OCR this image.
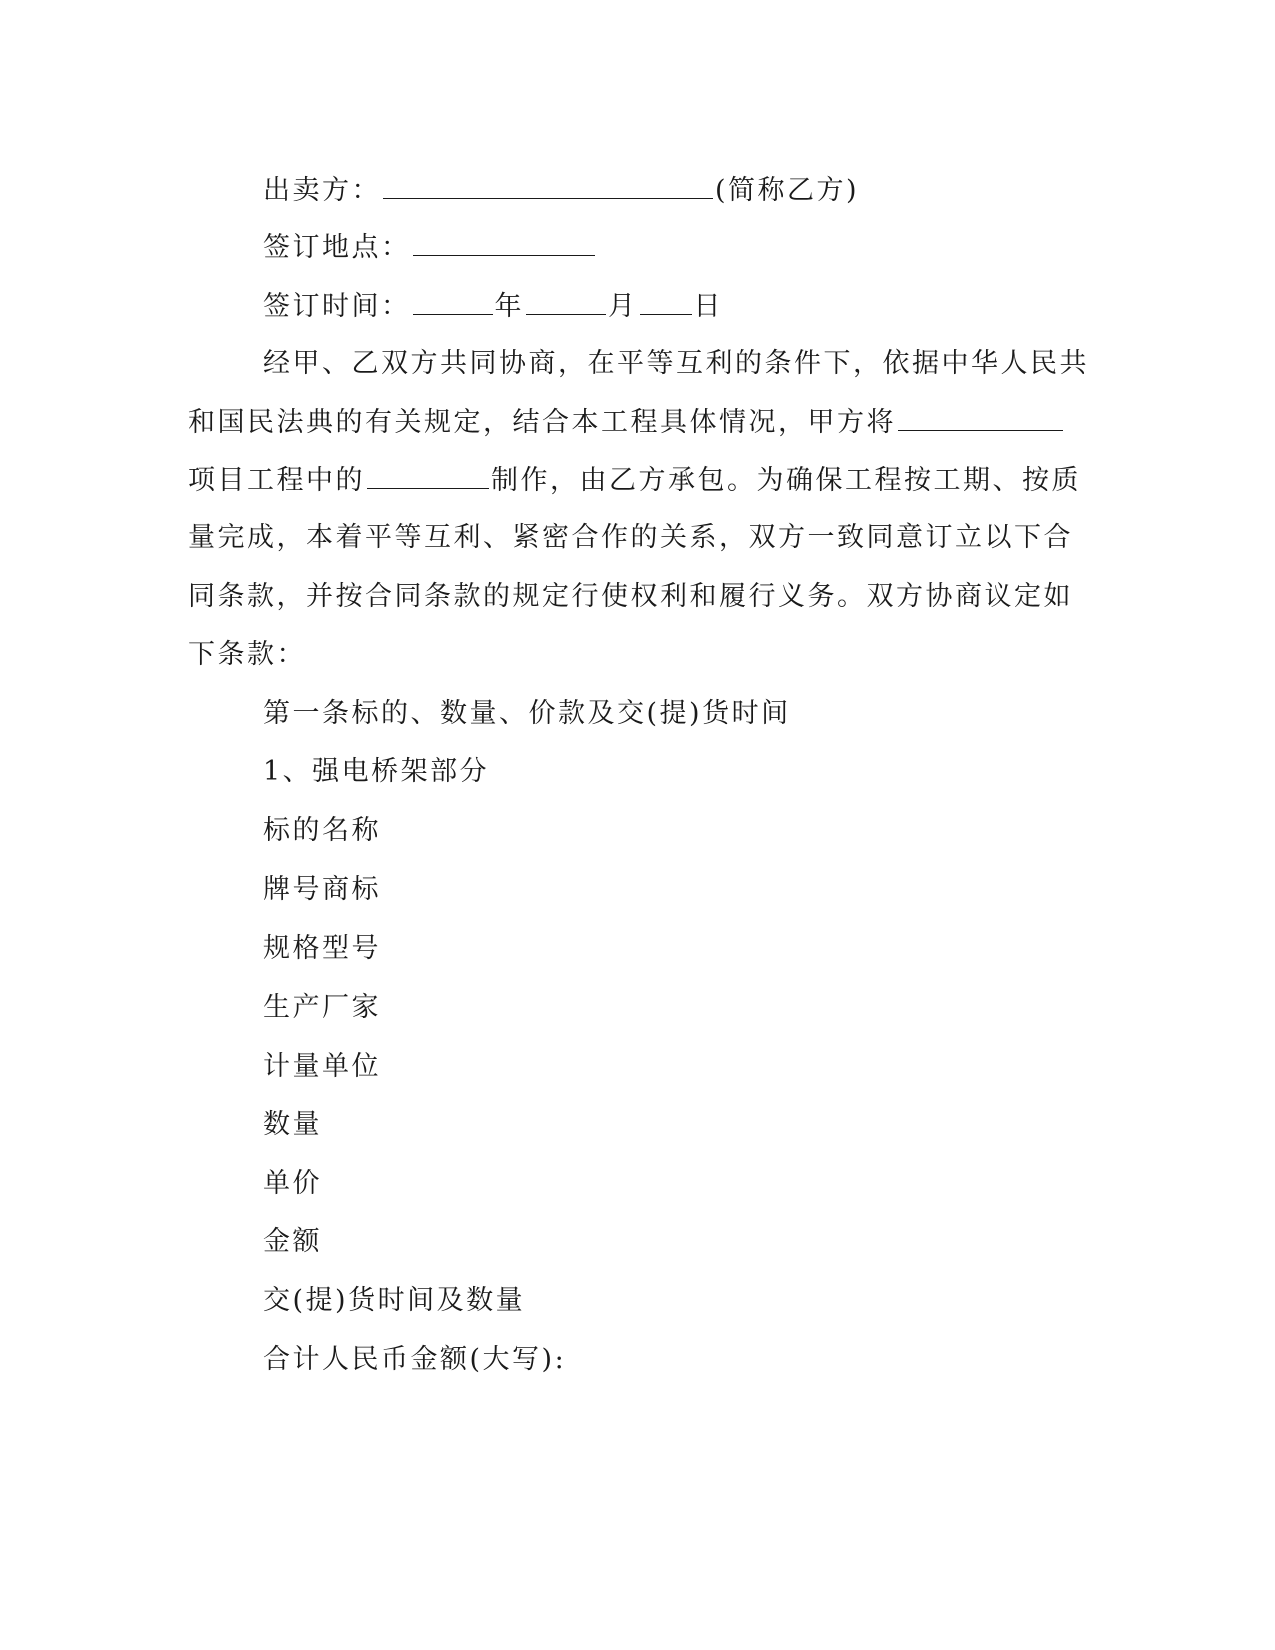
出卖方：	(简称乙方)
签订地点：
签订时间：	年	月 日
经甲、乙双方共同协商，在平等互利的条件下，依据中华人民共
和国民法典的有关规定，结合本工程具体情况，甲方将
项目工程中的	制作，由乙方承包。为确保工程按工期、按质
量完成，本着平等互利、紧密合作的关系，双方一致同意订立以下合
同条款，并按合同条款的规定行使权利和履行义务。双方协商议定如
下条款：
第一条标的、数量、价款及交(提)货时间
1、强电桥架部分
标的名称
牌号商标
规格型号
生产厂家
计量单位
数量
单价
金额
交(提)货时间及数量
合计人民币金额(大写):
